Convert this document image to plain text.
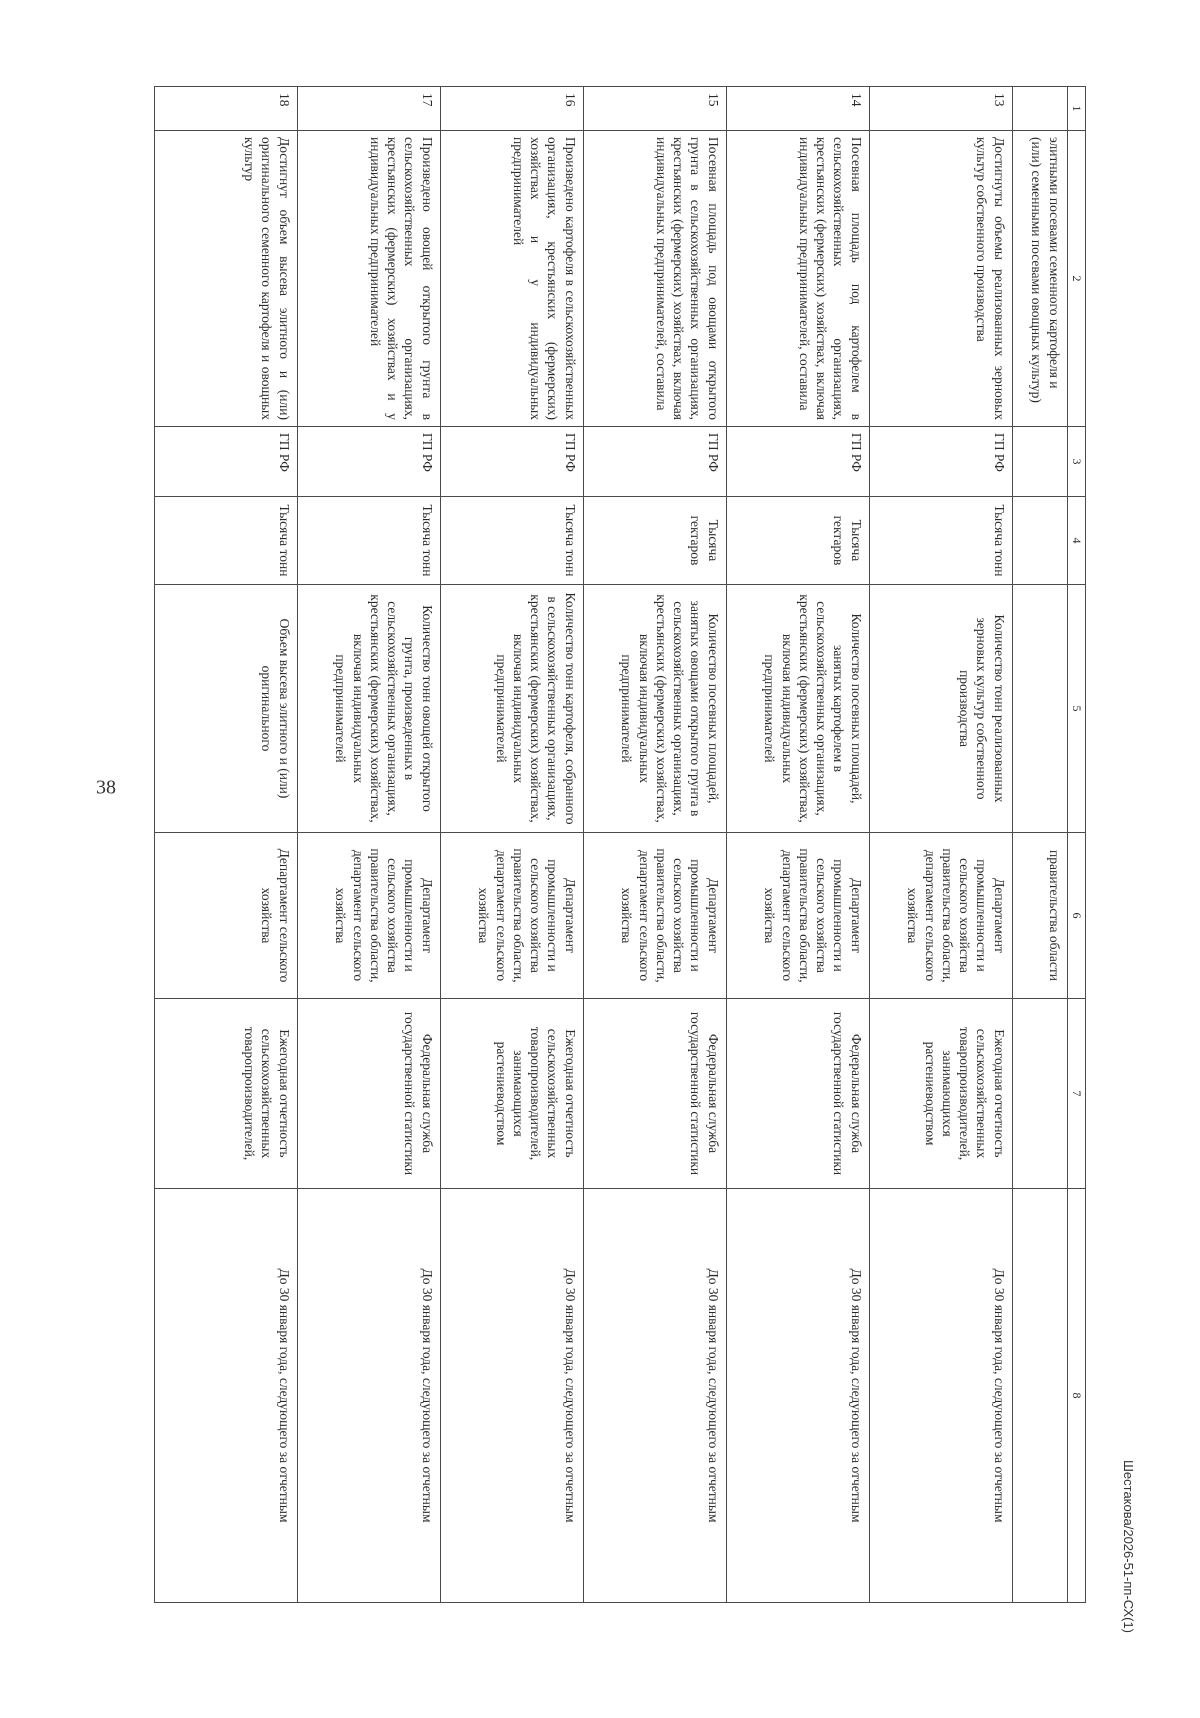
38
1	2	3	4	5	6	7	8
	элитными посевами семенного картофеля и (или) семенными посевами овощных культур)				правительства области		
13	Достигнуты объемы реализованных зерновых культур собственного производства	ГП РФ	Тысяча тонн	Количество тонн реализованных зерновых культур собственного производства	Департамент промышленности и сельского хозяйства правительства области, департамент сельского хозяйства	Ежегодная отчетность сельскохозяйственных товаропроизводителей, занимающихся растениеводством	До 30 января года, следующего за отчетным
14	Посевная площадь под картофелем в сельскохозяйственных организациях, крестьянских (фермерских) хозяйствах, включая индивидуальных предпринимателей, составила	ГП РФ	Тысяча гектаров	Количество посевных площадей, занятых картофелем в сельскохозяйственных организациях, крестьянских (фермерских) хозяйствах, включая индивидуальных предпринимателей	Департамент промышленности и сельского хозяйства правительства области, департамент сельского хозяйства	Федеральная служба государственной статистики	До 30 января года, следующего за отчетным
15	Посевная площадь под овощами открытого грунта в сельскохозяйственных организациях, крестьянских (фермерских) хозяйствах, включая индивидуальных предпринимателей, составила	ГП РФ	Тысяча гектаров	Количество посевных площадей, занятых овощами открытого грунта в сельскохозяйственных организациях, крестьянских (фермерских) хозяйствах, включая индивидуальных предпринимателей	Департамент промышленности и сельского хозяйства правительства области, департамент сельского хозяйства	Федеральная служба государственной статистики	До 30 января года, следующего за отчетным
16	Произведено картофеля в сельскохозяйственных организациях, крестьянских (фермерских) хозяйствах и у индивидуальных предпринимателей	ГП РФ	Тысяча тонн	Количество тонн картофеля, собранного в сельскохозяйственных организациях, крестьянских (фермерских) хозяйствах, включая индивидуальных предпринимателей	Департамент промышленности и сельского хозяйства правительства области, департамент сельского хозяйства	Ежегодная отчетность сельскохозяйственных товаропроизводителей, занимающихся растениеводством	До 30 января года, следующего за отчетным
17	Произведено овощей открытого грунта в сельскохозяйственных организациях, крестьянских (фермерских) хозяйствах и у индивидуальных предпринимателей	ГП РФ	Тысяча тонн	Количество тонн овощей открытого грунта, произведенных в сельскохозяйственных организациях, крестьянских (фермерских) хозяйствах, включая индивидуальных предпринимателей	Департамент промышленности и сельского хозяйства правительства области, департамент сельского хозяйства	Федеральная служба государственной статистики	До 30 января года, следующего за отчетным
18	Достигнут объем высева элитного и (или) оригинального семенного картофеля и овощных культур	ГП РФ	Тысяча тонн	Объем высева элитного и (или) оригинального	Департамент сельского хозяйства	Ежегодная отчетность сельскохозяйственных товаропроизводителей,	До 30 января года, следующего за отчетным
Шестакова/2026-51-пп-СХ(1)
